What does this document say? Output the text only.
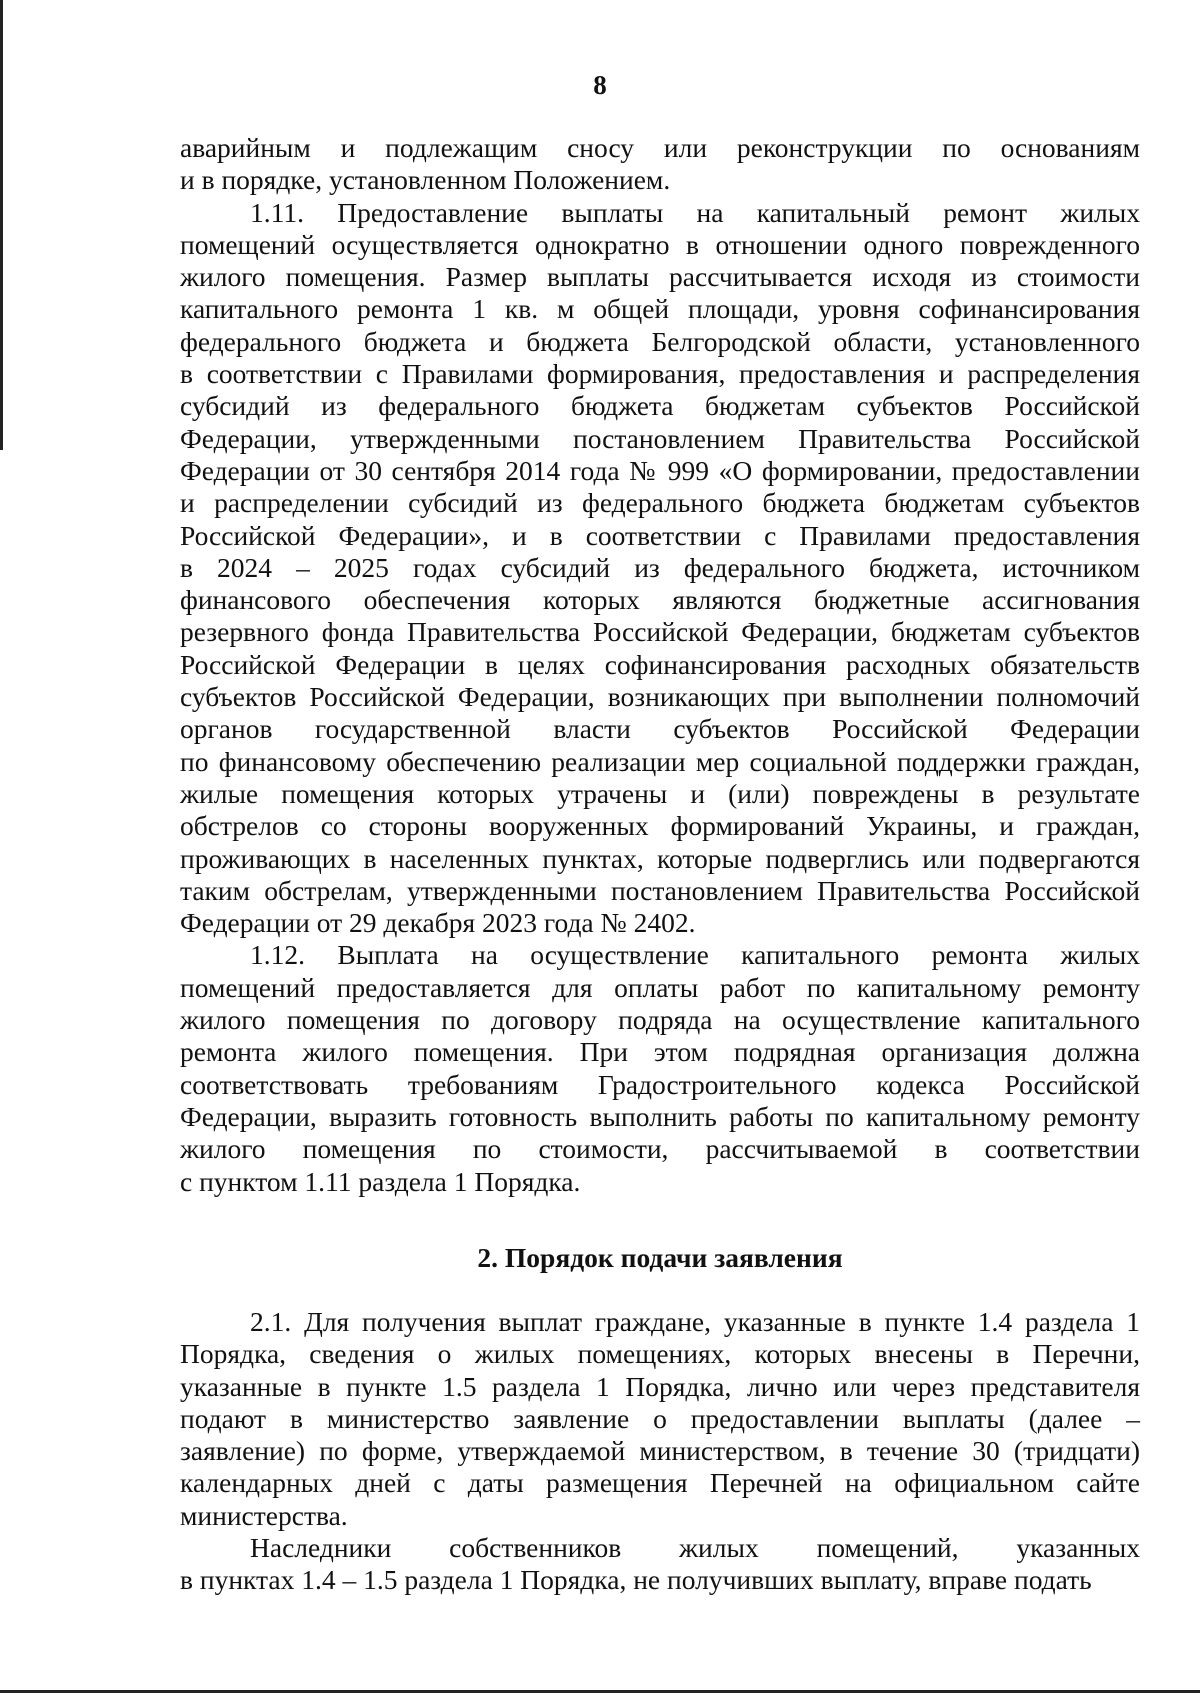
8
аварийным и подлежащим сносу или реконструкции по основаниям
и в порядке, установленном Положением.
1.11. Предоставление выплаты на капитальный ремонт жилых
помещений осуществляется однократно в отношении одного поврежденного
жилого помещения. Размер выплаты рассчитывается исходя из стоимости
капитального ремонта 1 кв. м общей площади, уровня софинансирования
федерального бюджета и бюджета Белгородской области, установленного
в соответствии с Правилами формирования, предоставления и распределения
субсидий из федерального бюджета бюджетам субъектов Российской
Федерации, утвержденными постановлением Правительства Российской
Федерации от 30 сентября 2014 года № 999 «О формировании, предоставлении
и распределении субсидий из федерального бюджета бюджетам субъектов
Российской Федерации», и в соответствии с Правилами предоставления
в 2024 – 2025 годах субсидий из федерального бюджета, источником
финансового обеспечения которых являются бюджетные ассигнования
резервного фонда Правительства Российской Федерации, бюджетам субъектов
Российской Федерации в целях софинансирования расходных обязательств
субъектов Российской Федерации, возникающих при выполнении полномочий
органов государственной власти субъектов Российской Федерации
по финансовому обеспечению реализации мер социальной поддержки граждан,
жилые помещения которых утрачены и (или) повреждены в результате
обстрелов со стороны вооруженных формирований Украины, и граждан,
проживающих в населенных пунктах, которые подверглись или подвергаются
таким обстрелам, утвержденными постановлением Правительства Российской
Федерации от 29 декабря 2023 года № 2402.
1.12. Выплата на осуществление капитального ремонта жилых
помещений предоставляется для оплаты работ по капитальному ремонту
жилого помещения по договору подряда на осуществление капитального
ремонта жилого помещения. При этом подрядная организация должна
соответствовать требованиям Градостроительного кодекса Российской
Федерации, выразить готовность выполнить работы по капитальному ремонту
жилого помещения по стоимости, рассчитываемой в соответствии
с пунктом 1.11 раздела 1 Порядка.
2. Порядок подачи заявления
2.1. Для получения выплат граждане, указанные в пункте 1.4 раздела 1
Порядка, сведения о жилых помещениях, которых внесены в Перечни,
указанные в пункте 1.5 раздела 1 Порядка, лично или через представителя
подают в министерство заявление о предоставлении выплаты (далее –
заявление) по форме, утверждаемой министерством, в течение 30 (тридцати)
календарных дней с даты размещения Перечней на официальном сайте
министерства.
Наследники собственников жилых помещений, указанных
в пунктах 1.4 – 1.5 раздела 1 Порядка, не получивших выплату, вправе подать
